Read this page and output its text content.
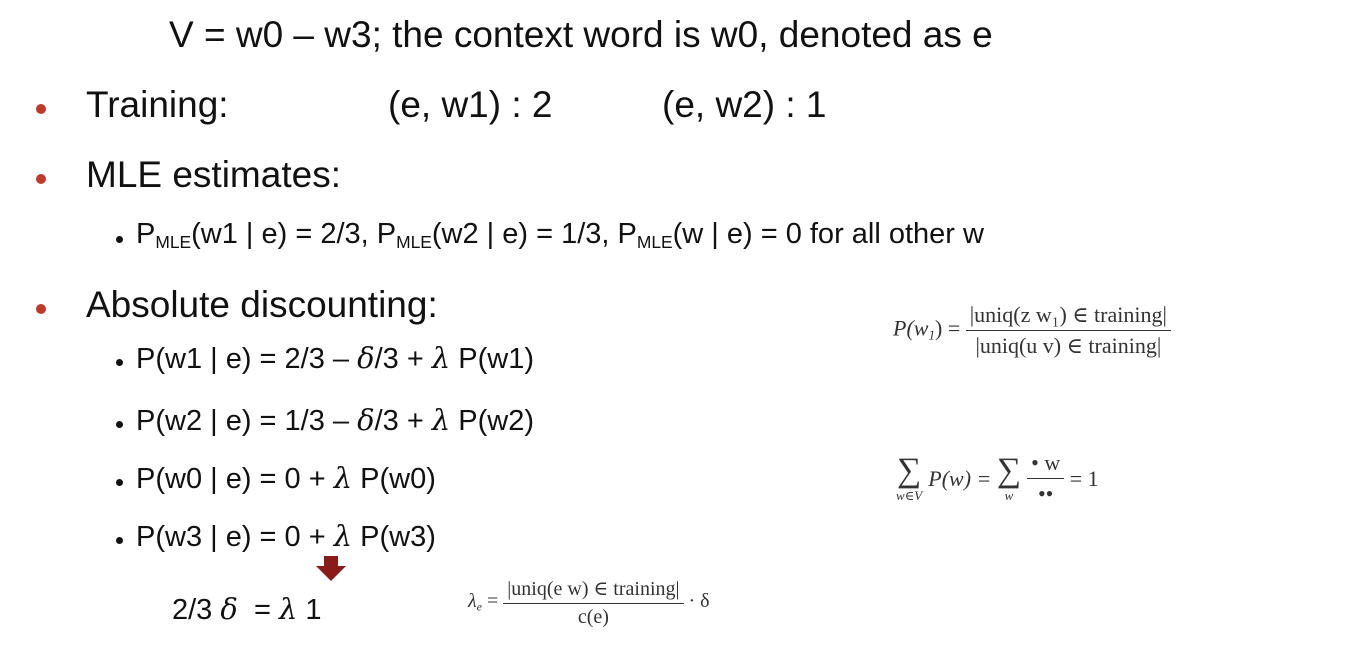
V = w0 – w3; the context word is w0, denoted as e
Training:	(e, w1) : 2	(e, w2) : 1
MLE estimates:
$P_{MLE}(w1$ | e) = 2/3, $P_{MLE}(w2$ | e) = 1/3, $P_{MLE}(w$ | e) = 0 for all other w
Absolute discounting:
P(w1 | e) = 2/3 – δ/3 + λ P(w1)
P(w2 | e) = 1/3 – δ/3 + λ P(w2)
P(w0 | e) = 0 + λ P(w0)
P(w3 | e) = 0 + λ P(w3)
2/3 δ  = λ 1	$\lambda_e = \frac{\text{|uniq(e w) ∈ training|}}{c(e)} \cdot \delta$
$P(w_1) = \frac{\text{|uniq(z w₁) ∈ training|}}{\text{|uniq(u v) ∈ training|}}$
∑
w∈V
P(w) = ∑
w $\frac{• w}{••} = 1$
